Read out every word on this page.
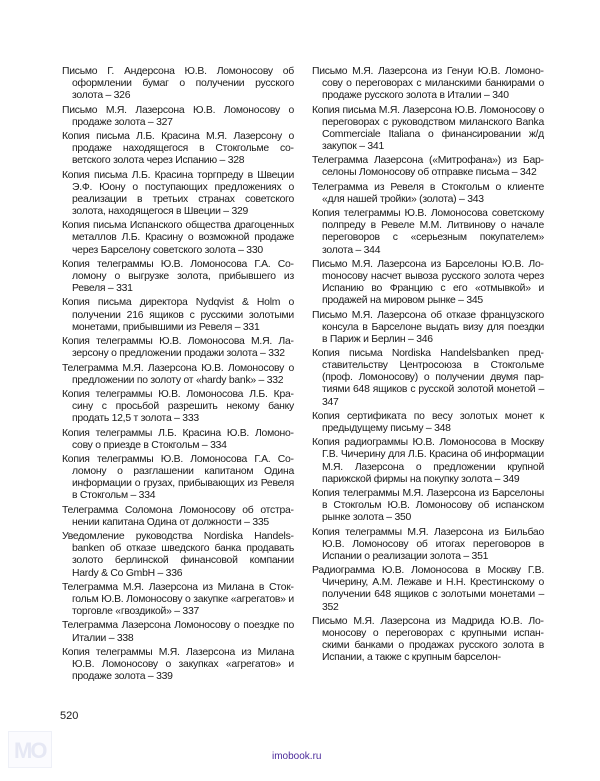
Письмо Г. Андерсона Ю.В. Ломоносову об оформлении бумаг о получении русского золота – 326
Письмо М.Я. Лазерсона Ю.В. Ломоносову о продаже золота – 327
Копия письма Л.Б. Красина М.Я. Лазерсону о продаже находящегося в Стокгольме советского золота через Испанию – 328
Копия письма Л.Б. Красина торгпреду в Швеции Э.Ф. Юону о поступающих предложениях о реализации в третьих странах советского золота, находящегося в Швеции – 329
Копия письма Испанского общества драгоценных металлов Л.Б. Красину о возможной продаже через Барселону советского золота – 330
Копия телеграммы Ю.В. Ломоносова Г.А. Соломону о выгрузке золота, прибывшего из Ревеля – 331
Копия письма директора Nydqvist & Holm о получении 216 ящиков с русскими золотыми монетами, прибывшими из Ревеля – 331
Копия телеграммы Ю.В. Ломоносова М.Я. Лазерсону о предложении продажи золота – 332
Телеграмма М.Я. Лазерсона Ю.В. Ломоносову о предложении по золоту от «hardy bank» – 332
Копия телеграммы Ю.В. Ломоносова Л.Б. Красину с просьбой разрешить некому банку продать 12,5 т золота – 333
Копия телеграммы Л.Б. Красина Ю.В. Ломоносову о приезде в Стокгольм – 334
Копия телеграммы Ю.В. Ломоносова Г.А. Соломону о разглашении капитаном Одина информации о грузах, прибывающих из Ревеля в Стокгольм – 334
Телеграмма Соломона Ломоносову об отстранении капитана Одина от должности – 335
Уведомление руководства Nordiska Handelsbanken об отказе шведского банка продавать золото берлинской финансовой компании Hardy & Co GmbH – 336
Телеграмма М.Я. Лазерсона из Милана в Стокгольм Ю.В. Ломоносову о закупке «агрегатов» и торговле «гвоздикой» – 337
Телеграмма Лазерсона Ломоносову о поездке по Италии – 338
Копия телеграммы М.Я. Лазерсона из Милана Ю.В. Ломоносову о закупках «агрегатов» и продаже золота – 339
Письмо М.Я. Лазерсона из Генуи Ю.В. Ломоносову о переговорах с миланскими банкирами о продаже русского золота в Италии – 340
Копия письма М.Я. Лазерсона Ю.В. Ломоносову о переговорах с руководством миланского Banka Commerciale Italiana о финансировании ж/д закупок – 341
Телеграмма Лазерсона («Митрофана») из Барселоны Ломоносову об отправке письма – 342
Телеграмма из Ревеля в Стокгольм о клиенте «для нашей тройки» (золота) – 343
Копия телеграммы Ю.В. Ломоносова советскому полпреду в Ревеле М.М. Литвинову о начале переговоров с «серьезным покупателем» золота – 344
Письмо М.Я. Лазерсона из Барселоны Ю.В. Лоmоносову насчет вывоза русского золота через Испанию во Францию с его «отмывкой» и продажей на мировом рынке – 345
Письмо М.Я. Лазерсона об отказе французского консула в Барселоне выдать визу для поездки в Париж и Берлин – 346
Копия письма Nordiska Handelsbanken представительству Центросоюза в Стокгольме (проф. Ломоносову) о получении двумя партиями 648 ящиков с русской золотой монетой – 347
Копия сертификата по весу золотых монет к предыдущему письму – 348
Копия радиограммы Ю.В. Ломоносова в Москву Г.В. Чичерину для Л.Б. Красина об информации М.Я. Лазерсона о предложении крупной парижской фирмы на покупку золота – 349
Копия телеграммы М.Я. Лазерсона из Барселоны в Стокгольм Ю.В. Ломоносову об испанском рынке золота – 350
Копия телеграммы М.Я. Лазерсона из Бильбао Ю.В. Ломоносову об итогах переговоров в Испании о реализации золота – 351
Радиограмма Ю.В. Ломоносова в Москву Г.В. Чичерину, А.М. Лежаве и Н.Н. Крестинскому о получении 648 ящиков с золотыми монетами – 352
Письмо М.Я. Лазерсона из Мадрида Ю.В. Ломоносову о переговорах с крупными испанскими банками о продажах русского золота в Испании, а также с крупным барселон-
520
МО	imobook.ru
